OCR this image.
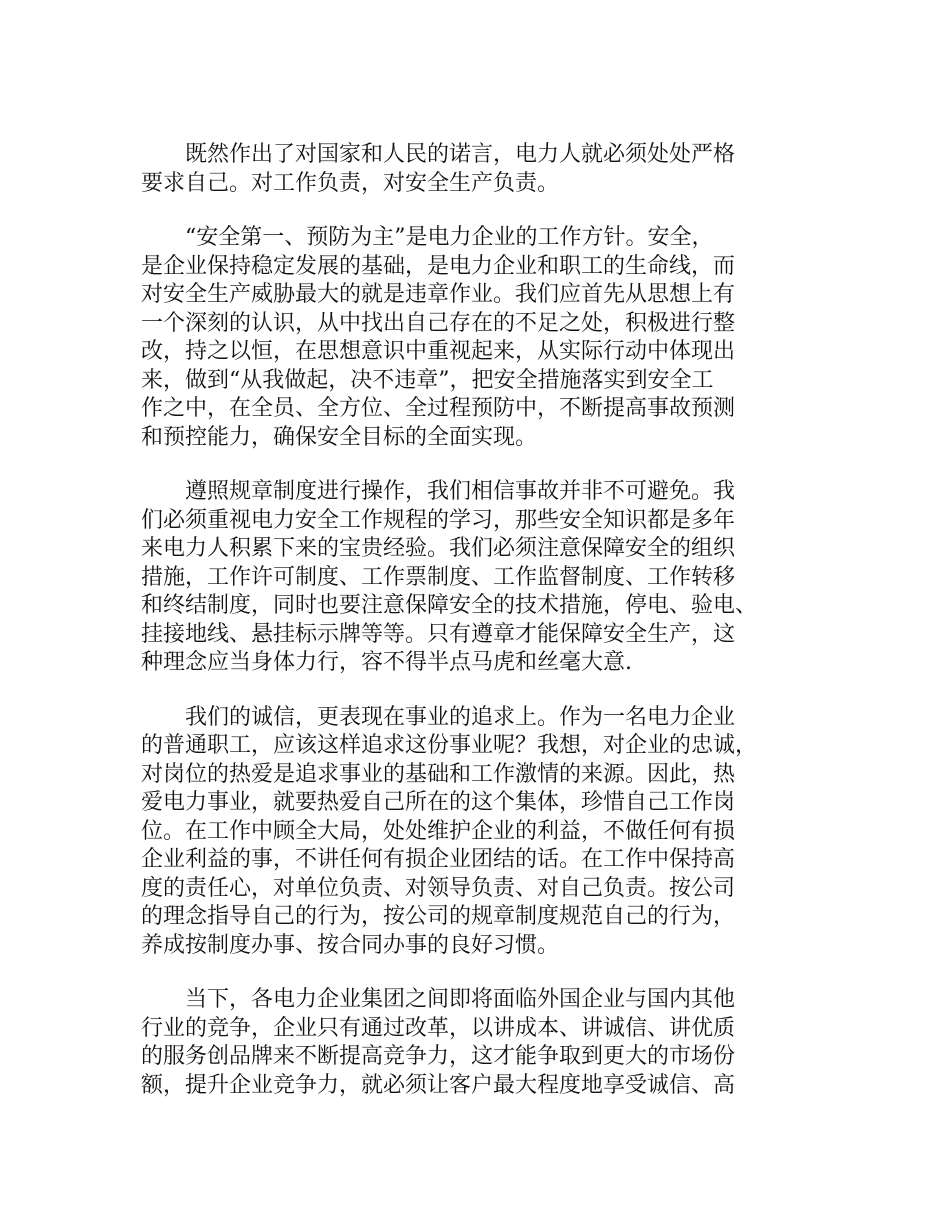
既然作出了对国家和人民的诺言，电力人就必须处处严格
要求自己。对工作负责，对安全生产负责。

“安全第一、预防为主”是电力企业的工作方针。安全，
是企业保持稳定发展的基础，是电力企业和职工的生命线，而
对安全生产威胁最大的就是违章作业。我们应首先从思想上有
一个深刻的认识，从中找出自己存在的不足之处，积极进行整
改，持之以恒，在思想意识中重视起来，从实际行动中体现出
来，做到“从我做起，决不违章”，把安全措施落实到安全工
作之中，在全员、全方位、全过程预防中，不断提高事故预测
和预控能力，确保安全目标的全面实现。

遵照规章制度进行操作，我们相信事故并非不可避免。我
们必须重视电力安全工作规程的学习，那些安全知识都是多年
来电力人积累下来的宝贵经验。我们必须注意保障安全的组织
措施，工作许可制度、工作票制度、工作监督制度、工作转移
和终结制度，同时也要注意保障安全的技术措施，停电、验电、
挂接地线、悬挂标示牌等等。只有遵章才能保障安全生产，这
种理念应当身体力行，容不得半点马虎和丝毫大意.

我们的诚信，更表现在事业的追求上。作为一名电力企业
的普通职工，应该这样追求这份事业呢？我想，对企业的忠诚，
对岗位的热爱是追求事业的基础和工作激情的来源。因此，热
爱电力事业，就要热爱自己所在的这个集体，珍惜自己工作岗
位。在工作中顾全大局，处处维护企业的利益，不做任何有损
企业利益的事，不讲任何有损企业团结的话。在工作中保持高
度的责任心，对单位负责、对领导负责、对自己负责。按公司
的理念指导自己的行为，按公司的规章制度规范自己的行为，
养成按制度办事、按合同办事的良好习惯。

当下，各电力企业集团之间即将面临外国企业与国内其他
行业的竞争，企业只有通过改革，以讲成本、讲诚信、讲优质
的服务创品牌来不断提高竞争力，这才能争取到更大的市场份
额，提升企业竞争力，就必须让客户最大程度地享受诚信、高
